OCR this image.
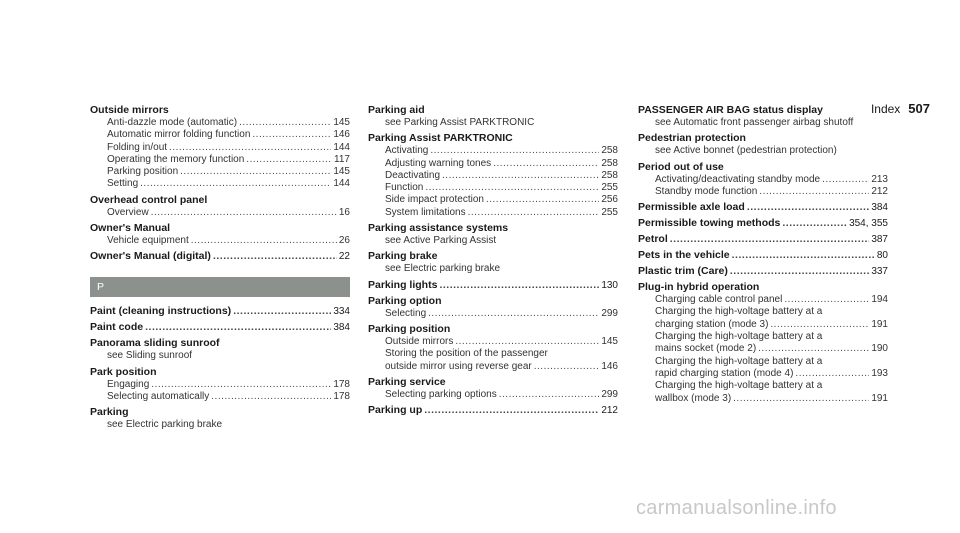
Index 507
Outside mirrors
Anti-dazzle mode (automatic) .....	145
Automatic mirror folding function .....	146
Folding in/out .....	144
Operating the memory function .....	117
Parking position .....	145
Setting .....	144
Overhead control panel
Overview .....	16
Owner's Manual
Vehicle equipment .....	26
Owner's Manual (digital) .....	22
P
Paint (cleaning instructions) .....	334
Paint code .....	384
Panorama sliding sunroof
see Sliding sunroof
Park position
Engaging .....	178
Selecting automatically .....	178
Parking
see Electric parking brake
Parking aid
see Parking Assist PARKTRONIC
Parking Assist PARKTRONIC
Activating .....	258
Adjusting warning tones .....	258
Deactivating .....	258
Function .....	255
Side impact protection .....	256
System limitations .....	255
Parking assistance systems
see Active Parking Assist
Parking brake
see Electric parking brake
Parking lights .....	130
Parking option
Selecting .....	299
Parking position
Outside mirrors .....	145
Storing the position of the passenger
outside mirror using reverse gear .....	146
Parking service
Selecting parking options .....	299
Parking up .....	212
PASSENGER AIR BAG status display
see Automatic front passenger airbag shutoff
Pedestrian protection
see Active bonnet (pedestrian protection)
Period out of use
Activating/deactivating standby mode .....	213
Standby mode function .....	212
Permissible axle load .....	384
Permissible towing methods .....	354, 355
Petrol .....	387
Pets in the vehicle .....	80
Plastic trim (Care) .....	337
Plug-in hybrid operation
Charging cable control panel .....	194
Charging the high-voltage battery at a
charging station (mode 3) .....	191
Charging the high-voltage battery at a
mains socket (mode 2) .....	190
Charging the high-voltage battery at a
rapid charging station (mode 4) .....	193
Charging the high-voltage battery at a
wallbox (mode 3) .....	191
carmanualsonline.info
